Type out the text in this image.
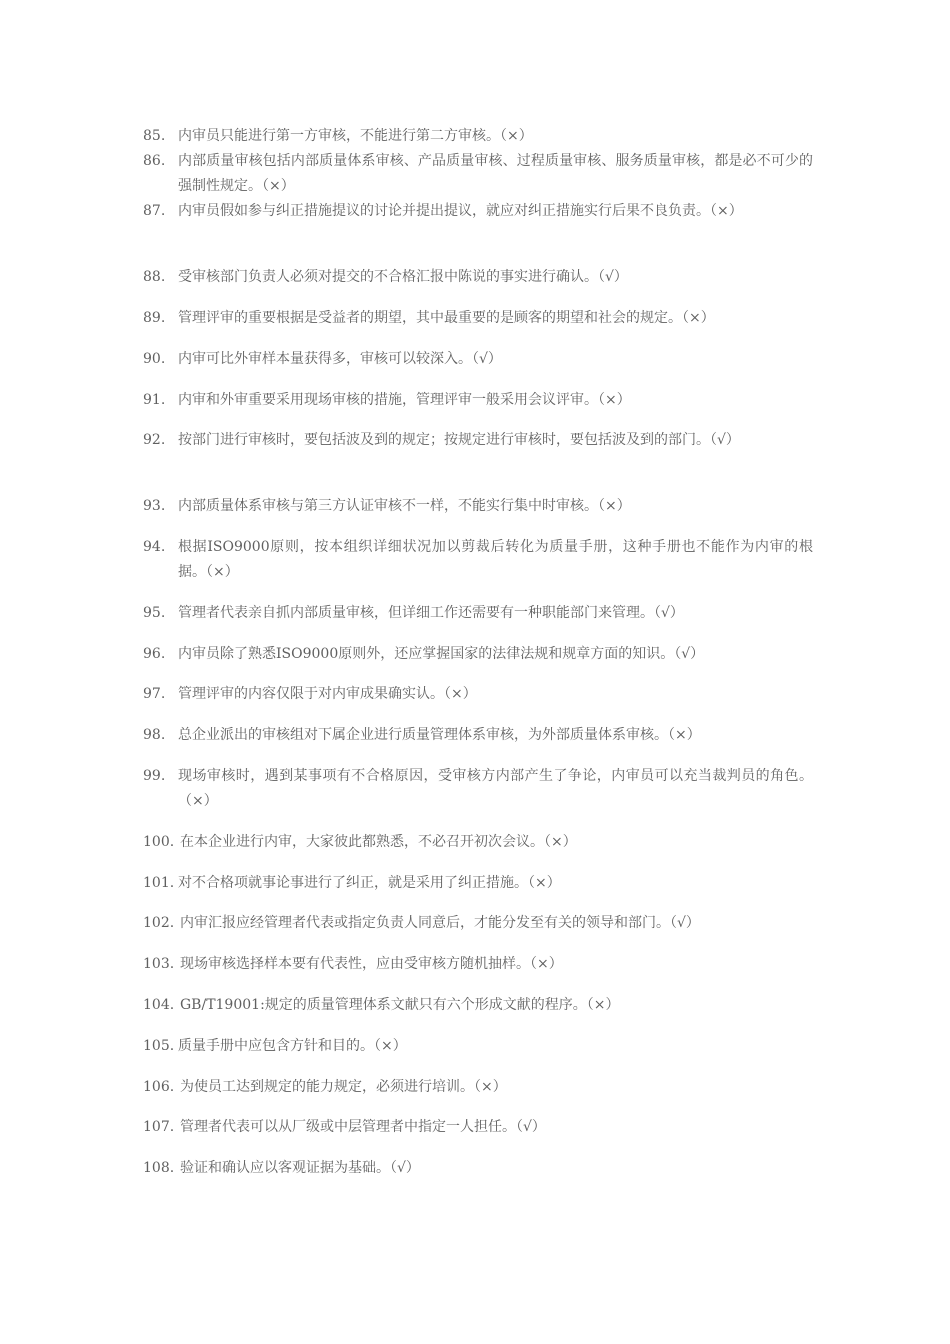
85. 内审员只能进行第一方审核，不能进行第二方审核。（×）
86. 内部质量审核包括内部质量体系审核、产品质量审核、过程质量审核、服务质量审核，都是必不可少的强制性规定。（×）
87. 内审员假如参与纠正措施提议的讨论并提出提议，就应对纠正措施实行后果不良负责。（×）
88. 受审核部门负责人必须对提交的不合格汇报中陈说的事实进行确认。（√）
89. 管理评审的重要根据是受益者的期望，其中最重要的是顾客的期望和社会的规定。（×）
90. 内审可比外审样本量获得多，审核可以较深入。（√）
91. 内审和外审重要采用现场审核的措施，管理评审一般采用会议评审。（×）
92. 按部门进行审核时，要包括波及到的规定；按规定进行审核时，要包括波及到的部门。（√）
93. 内部质量体系审核与第三方认证审核不一样，不能实行集中时审核。（×）
94. 根据ISO9000原则，按本组织详细状况加以剪裁后转化为质量手册，这种手册也不能作为内审的根据。（×）
95. 管理者代表亲自抓内部质量审核，但详细工作还需要有一种职能部门来管理。（√）
96. 内审员除了熟悉ISO9000原则外，还应掌握国家的法律法规和规章方面的知识。（√）
97. 管理评审的内容仅限于对内审成果确实认。（×）
98. 总企业派出的审核组对下属企业进行质量管理体系审核，为外部质量体系审核。（×）
99. 现场审核时，遇到某事项有不合格原因，受审核方内部产生了争论，内审员可以充当裁判员的角色。（×）
100. 在本企业进行内审，大家彼此都熟悉，不必召开初次会议。（×）
101. 对不合格项就事论事进行了纠正，就是采用了纠正措施。（×）
102. 内审汇报应经管理者代表或指定负责人同意后，才能分发至有关的领导和部门。（√）
103. 现场审核选择样本要有代表性，应由受审核方随机抽样。（×）
104. GB/T19001:规定的质量管理体系文献只有六个形成文献的程序。（×）
105. 质量手册中应包含方针和目的。（×）
106. 为使员工达到规定的能力规定，必须进行培训。（×）
107. 管理者代表可以从厂级或中层管理者中指定一人担任。（√）
108. 验证和确认应以客观证据为基础。（√）
